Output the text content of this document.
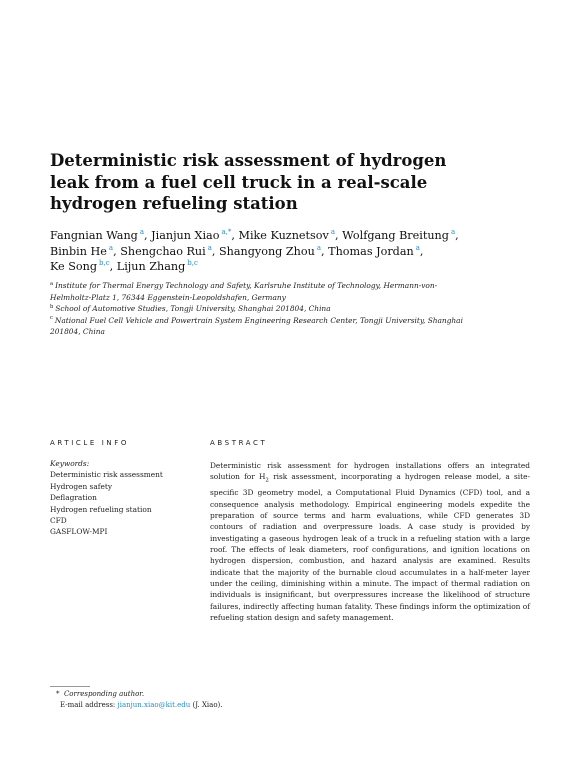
Deterministic risk assessment of hydrogen leak from a fuel cell truck in a real-scale hydrogen refueling station
Fangnian Wang $^a$, Jianjun Xiao $^{a,*}$, Mike Kuznetsov $^a$, Wolfgang Breitung $^a$, Binbin He $^a$, Shengchao Rui $^a$, Shangyong Zhou $^a$, Thomas Jordan $^a$, Ke Song $^{b,c}$, Lijun Zhang $^{b,c}$
$^a$ Institute for Thermal Energy Technology and Safety, Karlsruhe Institute of Technology, Hermann-von-Helmholtz-Platz 1, 76344 Eggenstein-Leopoldshafen, Germany
$^b$ School of Automotive Studies, Tongji University, Shanghai 201804, China
$^c$ National Fuel Cell Vehicle and Powertrain System Engineering Research Center, Tongji University, Shanghai 201804, China
ARTICLE INFO	ABSTRACT
Keywords:
Deterministic risk assessment
Hydrogen safety
Deflagration
Hydrogen refueling station
CFD
GASFLOW-MPI

Deterministic risk assessment for hydrogen installations offers an integrated solution for $H_2$ risk assessment, incorporating a hydrogen release model, a site-specific 3D geometry model, a Computational Fluid Dynamics (CFD) tool, and a consequence analysis methodology. Empirical engineering models expedite the preparation of source terms and harm evaluations, while CFD generates 3D contours of radiation and overpressure loads. A case study is provided by investigating a gaseous hydrogen leak of a truck in a refueling station with a large roof. The effects of leak diameters, roof configurations, and ignition locations on hydrogen dispersion, combustion, and hazard analysis are examined. Results indicate that the majority of the burnable cloud accumulates in a half-meter layer under the ceiling, diminishing within a minute. The impact of thermal radiation on individuals is insignificant, but overpressures increase the likelihood of structure failures, indirectly affecting human fatality. These findings inform the optimization of refueling station design and safety management.

* Corresponding author.
E-mail address: jianjun.xiao@kit.edu (J. Xiao).
